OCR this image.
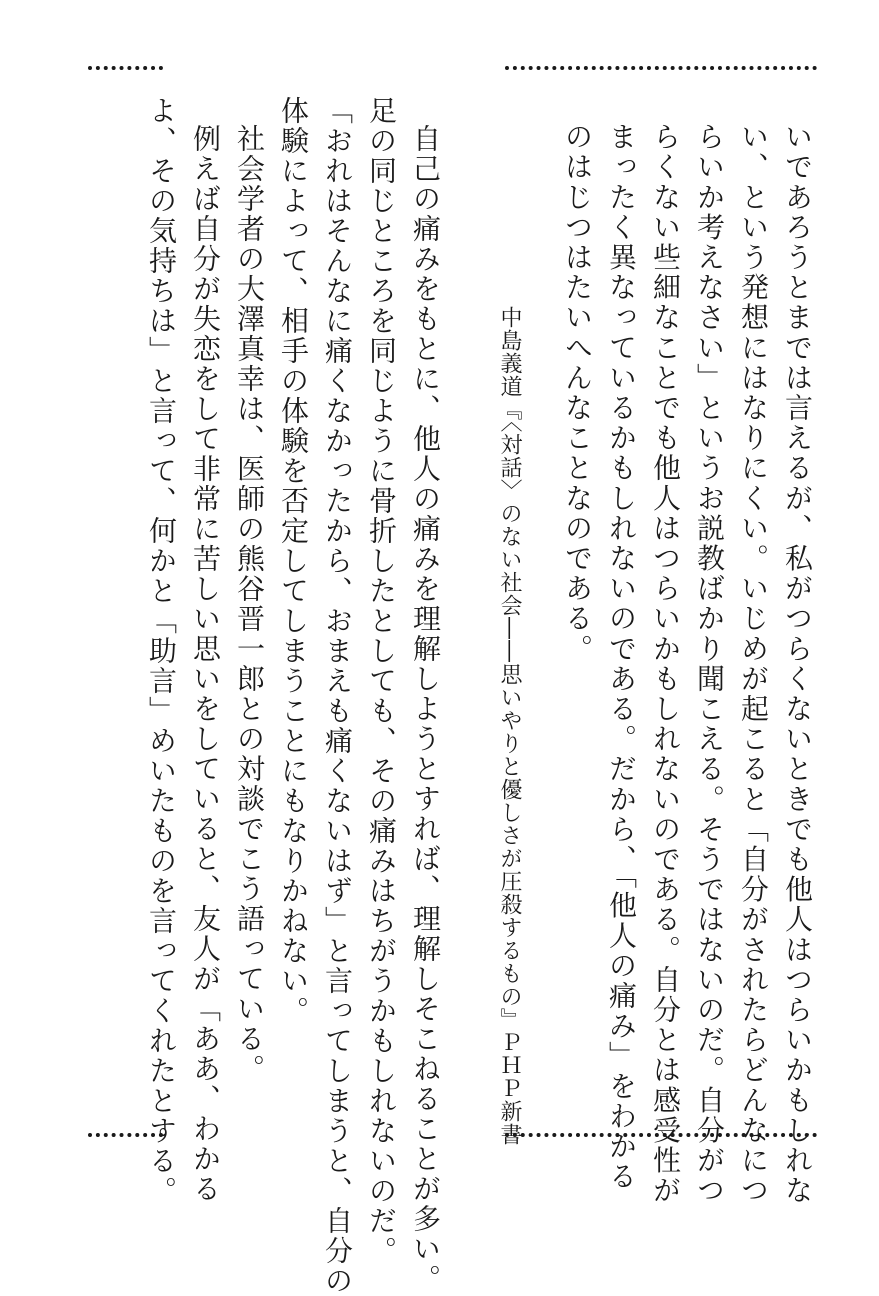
いであろうとまでは言えるが、私がつらくないときでも他人はつらいかもしれな
い、という発想にはなりにくい。いじめが起こると「自分がされたらどんなにつ
らいか考えなさい」というお説教ばかり聞こえる。そうではないのだ。自分がつ
らくない些細なことでも他人はつらいかもしれないのである。自分とは感受性が
まったく異なっているかもしれないのである。だから、「他人の痛み」をわかる
のはじつはたいへんなことなのである。
中島義道『〈対話〉のない社会――思いやりと優しさが圧殺するもの』ＰＨＰ新書
自己の痛みをもとに、他人の痛みを理解しようとすれば、理解しそこねることが多い。
足の同じところを同じように骨折したとしても、その痛みはちがうかもしれないのだ。
「おれはそんなに痛くなかったから、おまえも痛くないはず」と言ってしまうと、自分の
体験によって、相手の体験を否定してしまうことにもなりかねない。
社会学者の大澤真幸は、医師の熊谷晋一郎との対談でこう語っている。
例えば自分が失恋をして非常に苦しい思いをしていると、友人が「ああ、わかる
よ、その気持ちは」と言って、何かと「助言」めいたものを言ってくれたとする。
